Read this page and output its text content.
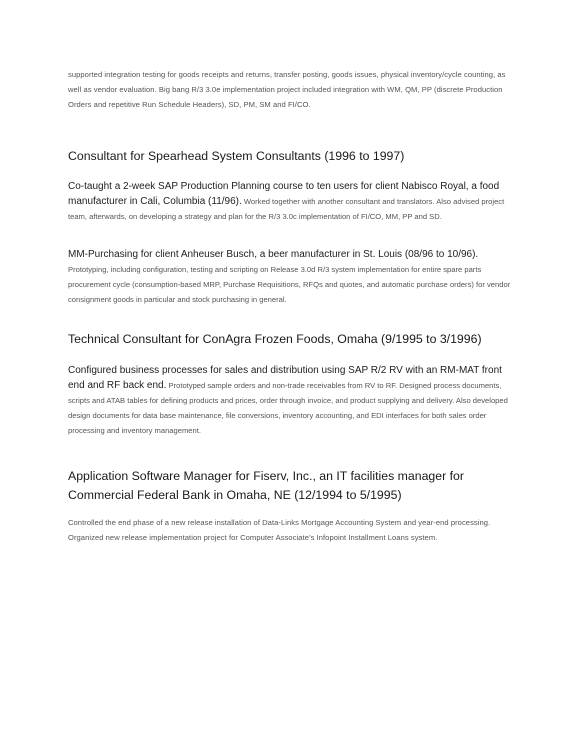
supported integration testing for goods receipts and returns, transfer posting, goods issues, physical inventory/cycle counting, as well as vendor evaluation. Big bang R/3 3.0e implementation project included integration with WM, QM, PP (discrete Production Orders and repetitive Run Schedule Headers), SD, PM, SM and FI/CO.

Consultant for Spearhead System Consultants (1996 to 1997)

Co-taught a 2-week SAP Production Planning course to ten users for client Nabisco Royal, a food manufacturer in Cali, Columbia (11/96). Worked together with another consultant and translators. Also advised project team, afterwards, on developing a strategy and plan for the R/3 3.0c implementation of FI/CO, MM, PP and SD.

MM-Purchasing for client Anheuser Busch, a beer manufacturer in St. Louis (08/96 to 10/96). Prototyping, including configuration, testing and scripting on Release 3.0d R/3 system implementation for entire spare parts procurement cycle (consumption-based MRP, Purchase Requisitions, RFQs and quotes, and automatic purchase orders) for vendor consignment goods in particular and stock purchasing in general.

Technical Consultant for ConAgra Frozen Foods, Omaha (9/1995 to 3/1996)

Configured business processes for sales and distribution using SAP R/2 RV with an RM-MAT front end and RF back end. Prototyped sample orders and non-trade receivables from RV to RF. Designed process documents, scripts and ATAB tables for defining products and prices, order through invoice, and product supplying and delivery. Also developed design documents for data base maintenance, file conversions, inventory accounting, and EDI interfaces for both sales order processing and inventory management.

Application Software Manager for Fiserv, Inc., an IT facilities manager for Commercial Federal Bank in Omaha, NE (12/1994 to 5/1995)

Controlled the end phase of a new release installation of Data-Links Mortgage Accounting System and year-end processing. Organized new release implementation project for Computer Associate’s Infopoint Installment Loans system.
